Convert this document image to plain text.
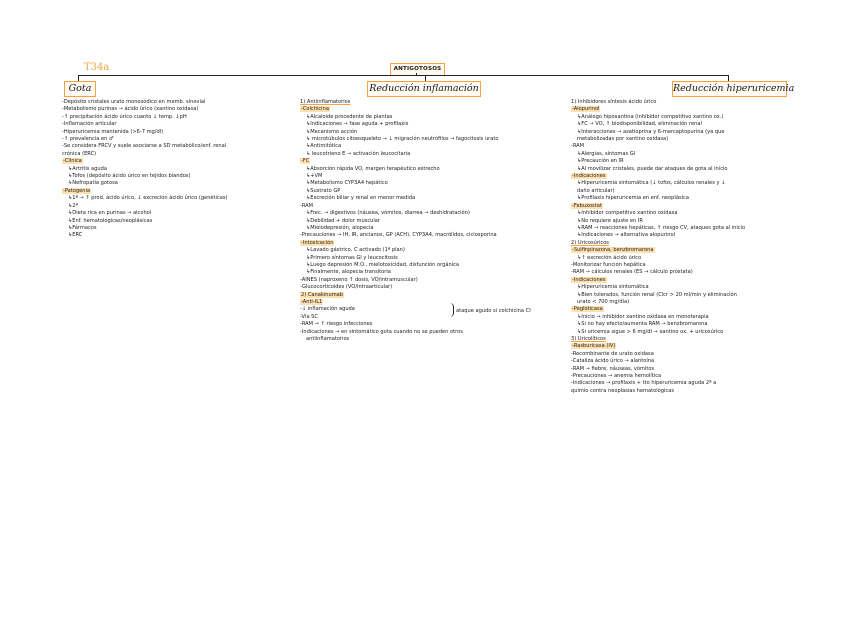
T34a	ANTIGOTOSOS
Gota	Reducción inflamación	Reducción hiperuricemia
-Depósito cristales urato monosódico en memb. sinovial
-Metabolismo purinas → ácido úrico (xantino oxidasa)
-↑ precipitación ácido úrico cuanto ↓ temp. ↓pH
-Inflamación articular
-Hiperuricemia mantenida (>6-7 mg/dl)
-↑ prevalencia en ♂
-Se considera FRCV y suele asociarse a SD metabólico/enf. renal
crónica (ERC)
-Clínica
↳Artritis aguda
↳Tofos (depósito ácido úrico en tejidos blandos)
↳Nefropatía gotosa
-Patogenia
↳1ª → ↑ prod. ácido úrico, ↓ excreción ácido úrico (genéticas)
↳2ª
↳Dieta rica en purinas → alcohol
↳Enf. hematológicas/neoplásicas
↳Fármacos
↳ERC
1) Antiinflamatorios
-Colchicina
↳Alcaloide procedente de plantas
↳Indicaciones → fase aguda + profilaxis
↳Mecanismo acción
↳ microtúbulos citoesqueleto → ↓ migración neutrófilos → fagocitosis urato
↳Antimitótica
↳ leucotrieno E → activación leucocitaria
-FC
↳Absorción rápida VO, margen terapéutico estrecho
↳+VM
↳Metabolismo CYP3A4 hepático
↳Sustrato GP
↳Excreción biliar y renal en menor medida
-RAM
↳Frec. → digestivos (náusea, vómitos, diarrea → deshidratación)
↳Debilidad + dolor muscular
↳Mielodepresión, alopecia
-Precauciones → IH, IR, ancianos, GP (ACH), CYP3A4, macrólidos, ciclosporina
-Intoxicación
↳Lavado gástrico, C activado (1ª plan)
↳Primero síntomas GI y leucocitosis
↳Luego depresión M.O., mielotoxicidad, disfunción orgánica
↳Finalmente, alopecia transitoria
-AINES (naproxeno ↑ dosis, VO/intramuscular)
-Glucocorticoides (VO/intraarticular)
2) Canakinumab
-Anti-IL1
-↓ inflamación aguda
-Vía SC
-RAM → ↑ riesgo infecciones
-Indicaciones → en sintomático gota cuando no se pueden otros
antiinflamatorios
1) Inhibidores síntesis ácido úrico
-Alopurinol
↳Análogo hipoxantina (inhibidor competitivo xantino ox.)
↳FC → VO, ↑ biodisponibilidad, eliminación renal
↳Interacciones → azatioprina y 6-mercaptopurina (ya que
metabolizadas por xantino oxidasa)
-RAM
↳Alergias, síntomas GI
↳Precaución en IR
↳Al movilizar cristales, puede dar ataques de gota al inicio
-Indicaciones
↳Hiperuricemia sintomática (↓ tofos, cálculos renales y ↓
daño articular)
↳Profilaxis hiperuricemia en enf. neoplásica
-Febuxostat
↳Inhibidor competitivo xantino oxidasa
↳No requiere ajuste en IR
↳RAM → reacciones hepáticas, ↑ riesgo CV, ataques gota al inicio
↳Indicaciones → alternativa alopurinol
2) Uricosúricos
-Sulfinpirazona, benzbromarona
↳↑ excreción ácido úrico
-Monitorizar función hepática
-RAM → cálculos renales (ES → cálculo próstata)
-Indicaciones
↳Hiperuricemia sintomática
↳Bien tolerados, función renal (Clcr > 20 ml/min y eliminación
urato < 700 mg/día)
-Pegloticasa
↳Inicio → inhibidor xantino oxidasa en monoterapia
↳Si no hay efecto/aumenta RAM → benzbromarona
↳Si uricemia sigue > 6 mg/dl → xantino ox. + uricosúrico
3) Uricolíticos
-Rasburicasa (IV)
-Recombinante de urato oxidasa
-Cataliza ácido úrico → alantoína
-RAM → fiebre, náuseas, vómitos
-Precauciones → anemia hemolítica
-Indicaciones → profilaxis + tto hiperuricemia aguda 2ª a
quimio contra neoplasias hematológicas
ataque agudo si colchicina CI
